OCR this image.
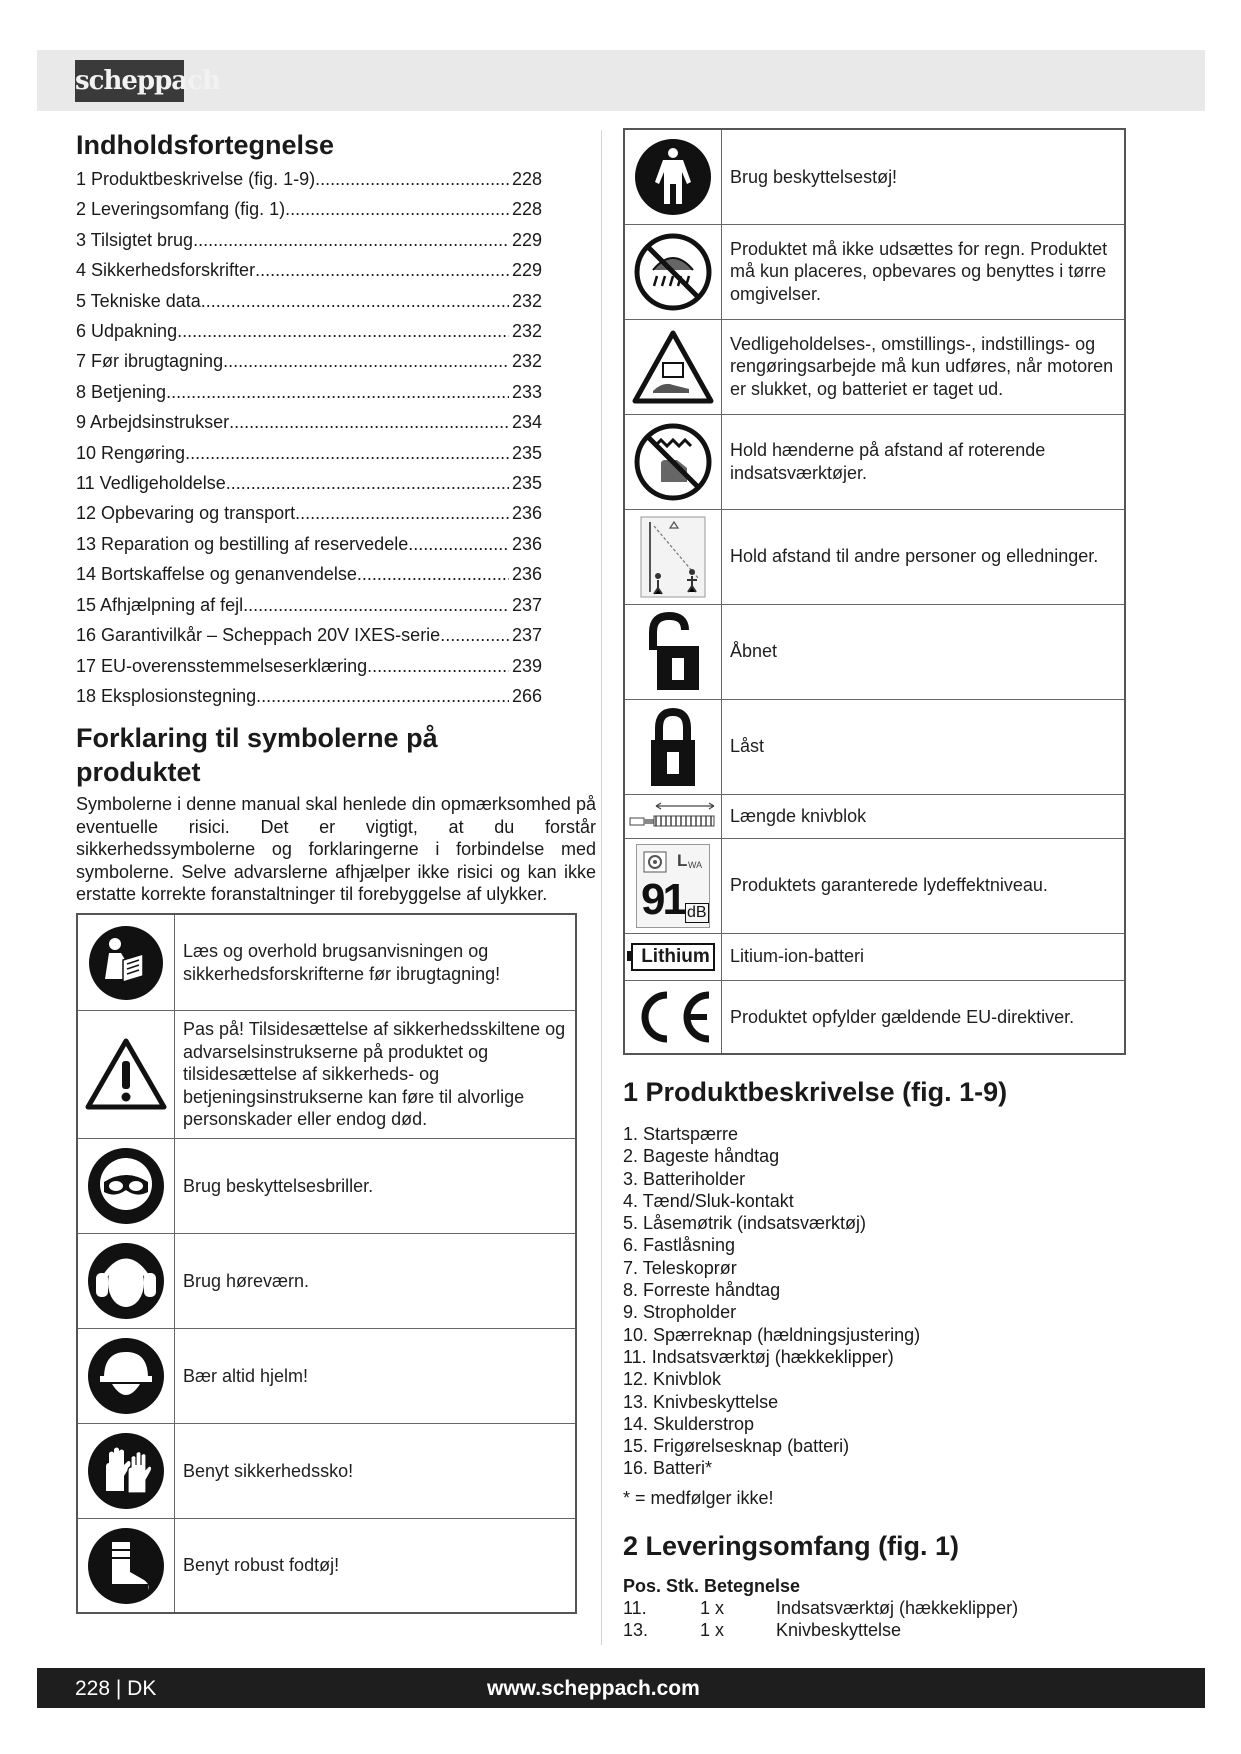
scheppach
Indholdsfortegnelse
1 Produktbeskrivelse (fig. 1-9) .....	228
2 Leveringsomfang (fig. 1) .....	228
3 Tilsigtet brug .....	229
4 Sikkerhedsforskrifter .....	229
5 Tekniske data .....	232
6 Udpakning .....	232
7 Før ibrugtagning .....	232
8 Betjening .....	233
9 Arbejdsinstrukser .....	234
10 Rengøring .....	235
11 Vedligeholdelse .....	235
12 Opbevaring og transport .....	236
13 Reparation og bestilling af reservedele .....	236
14 Bortskaffelse og genanvendelse .....	236
15 Afhjælpning af fejl .....	237
16 Garantivilkår – Scheppach 20V IXES-serie .....	237
17 EU-overensstemmelseserklæring .....	239
18 Eksplosionstegning .....	266
Forklaring til symbolerne på
produktet
Symbolerne i denne manual skal henlede din opmærksomhed på eventuelle risici. Det er vigtigt, at du forstår sikkerhedssymbolerne og forklaringerne i forbindelse med symbolerne. Selve advarslerne afhjælper ikke risici og kan ikke erstatte korrekte foranstaltninger til forebyggelse af ulykker.
	Læs og overhold brugsanvisningen og sikkerhedsforskrifterne før ibrugtagning!

	Pas på! Tilsidesættelse af sikkerhedsskiltene og advarselsinstrukserne på produktet og tilsidesættelse af sikkerheds- og betjeningsinstrukserne kan føre til alvorlige personskader eller endog død.

	Brug beskyttelsesbriller.

	Brug høreværn.

	Bær altid hjelm!

	Benyt sikkerhedssko!

	Benyt robust fodtøj!
	Brug beskyttelsestøj!

	Produktet må ikke udsættes for regn. Produktet må kun placeres, opbevares og benyttes i tørre omgivelser.

	Vedligeholdelses-, omstillings-, indstillings- og rengøringsarbejde må kun udføres, når motoren er slukket, og batteriet er taget ud.

	Hold hænderne på afstand af roterende indsatsværktøjer.

	Hold afstand til andre personer og elledninger.

	Åbnet

	Låst

	Længde knivblok

L WA
91 dB	Produktets garanterede lydeffektniveau.

Lithium	Litium-ion-batteri

CE	Produktet opfylder gældende EU-direktiver.
1 Produktbeskrivelse (fig. 1-9)
1. Startspærre
2. Bageste håndtag
3. Batteriholder
4. Tænd/Sluk-kontakt
5. Låsemøtrik (indsatsværktøj)
6. Fastlåsning
7. Teleskoprør
8. Forreste håndtag
9. Stropholder
10. Spærreknap (hældningsjustering)
11. Indsatsværktøj (hækkeklipper)
12. Knivblok
13. Knivbeskyttelse
14. Skulderstrop
15. Frigørelsesknap (batteri)
16. Batteri*
* = medfølger ikke!
2 Leveringsomfang (fig. 1)
Pos. Stk. Betegnelse
11.	1 x	Indsatsværktøj (hækkeklipper)
13.	1 x	Knivbeskyttelse
228 | DK	www.scheppach.com
